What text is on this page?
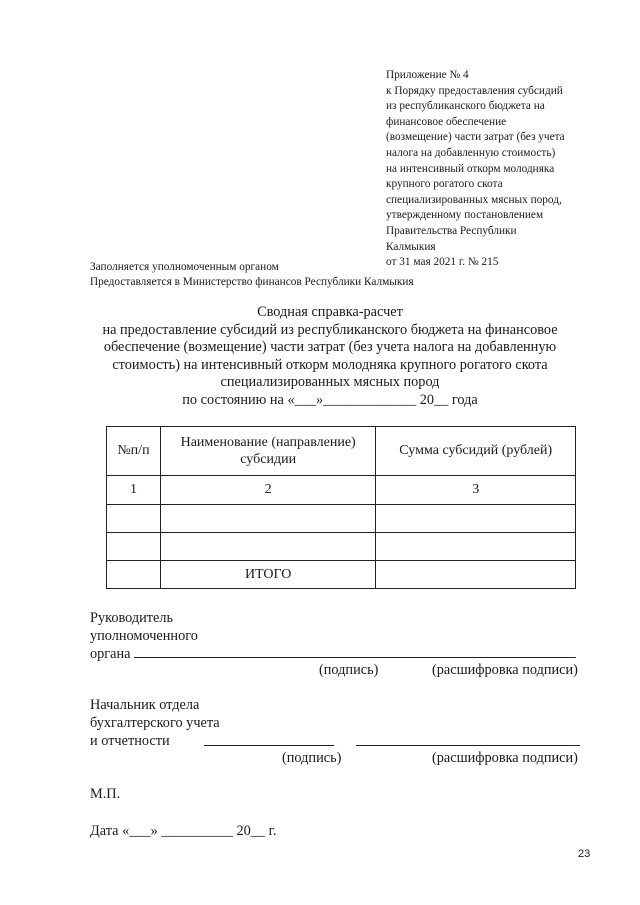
Приложение № 4
к Порядку предоставления субсидий
из республиканского бюджета на
финансовое обеспечение
(возмещение) части затрат (без учета
налога на добавленную стоимость)
на интенсивный откорм молодняка
крупного рогатого скота
специализированных мясных пород,
утвержденному постановлением
Правительства Республики
Калмыкия
от 31 мая 2021 г. № 215
Заполняется уполномоченным органом
Предоставляется в Министерство финансов Республики Калмыкия
Сводная справка-расчет
на предоставление субсидий из республиканского бюджета на финансовое
обеспечение (возмещение) части затрат (без учета налога на добавленную
стоимость) на интенсивный откорм молодняка крупного рогатого скота
специализированных мясных пород
по состоянию на «___»_____________ 20__ года
№п/п	Наименование (направление) субсидии	Сумма субсидий (рублей)
1	2	3

	ИТОГО	
Руководитель
уполномоченного
органа
(подпись)	(расшифровка подписи)
Начальник отдела
бухгалтерского учета
и отчетности
(подпись)	(расшифровка подписи)
М.П.
Дата «___» __________ 20__ г.
23
